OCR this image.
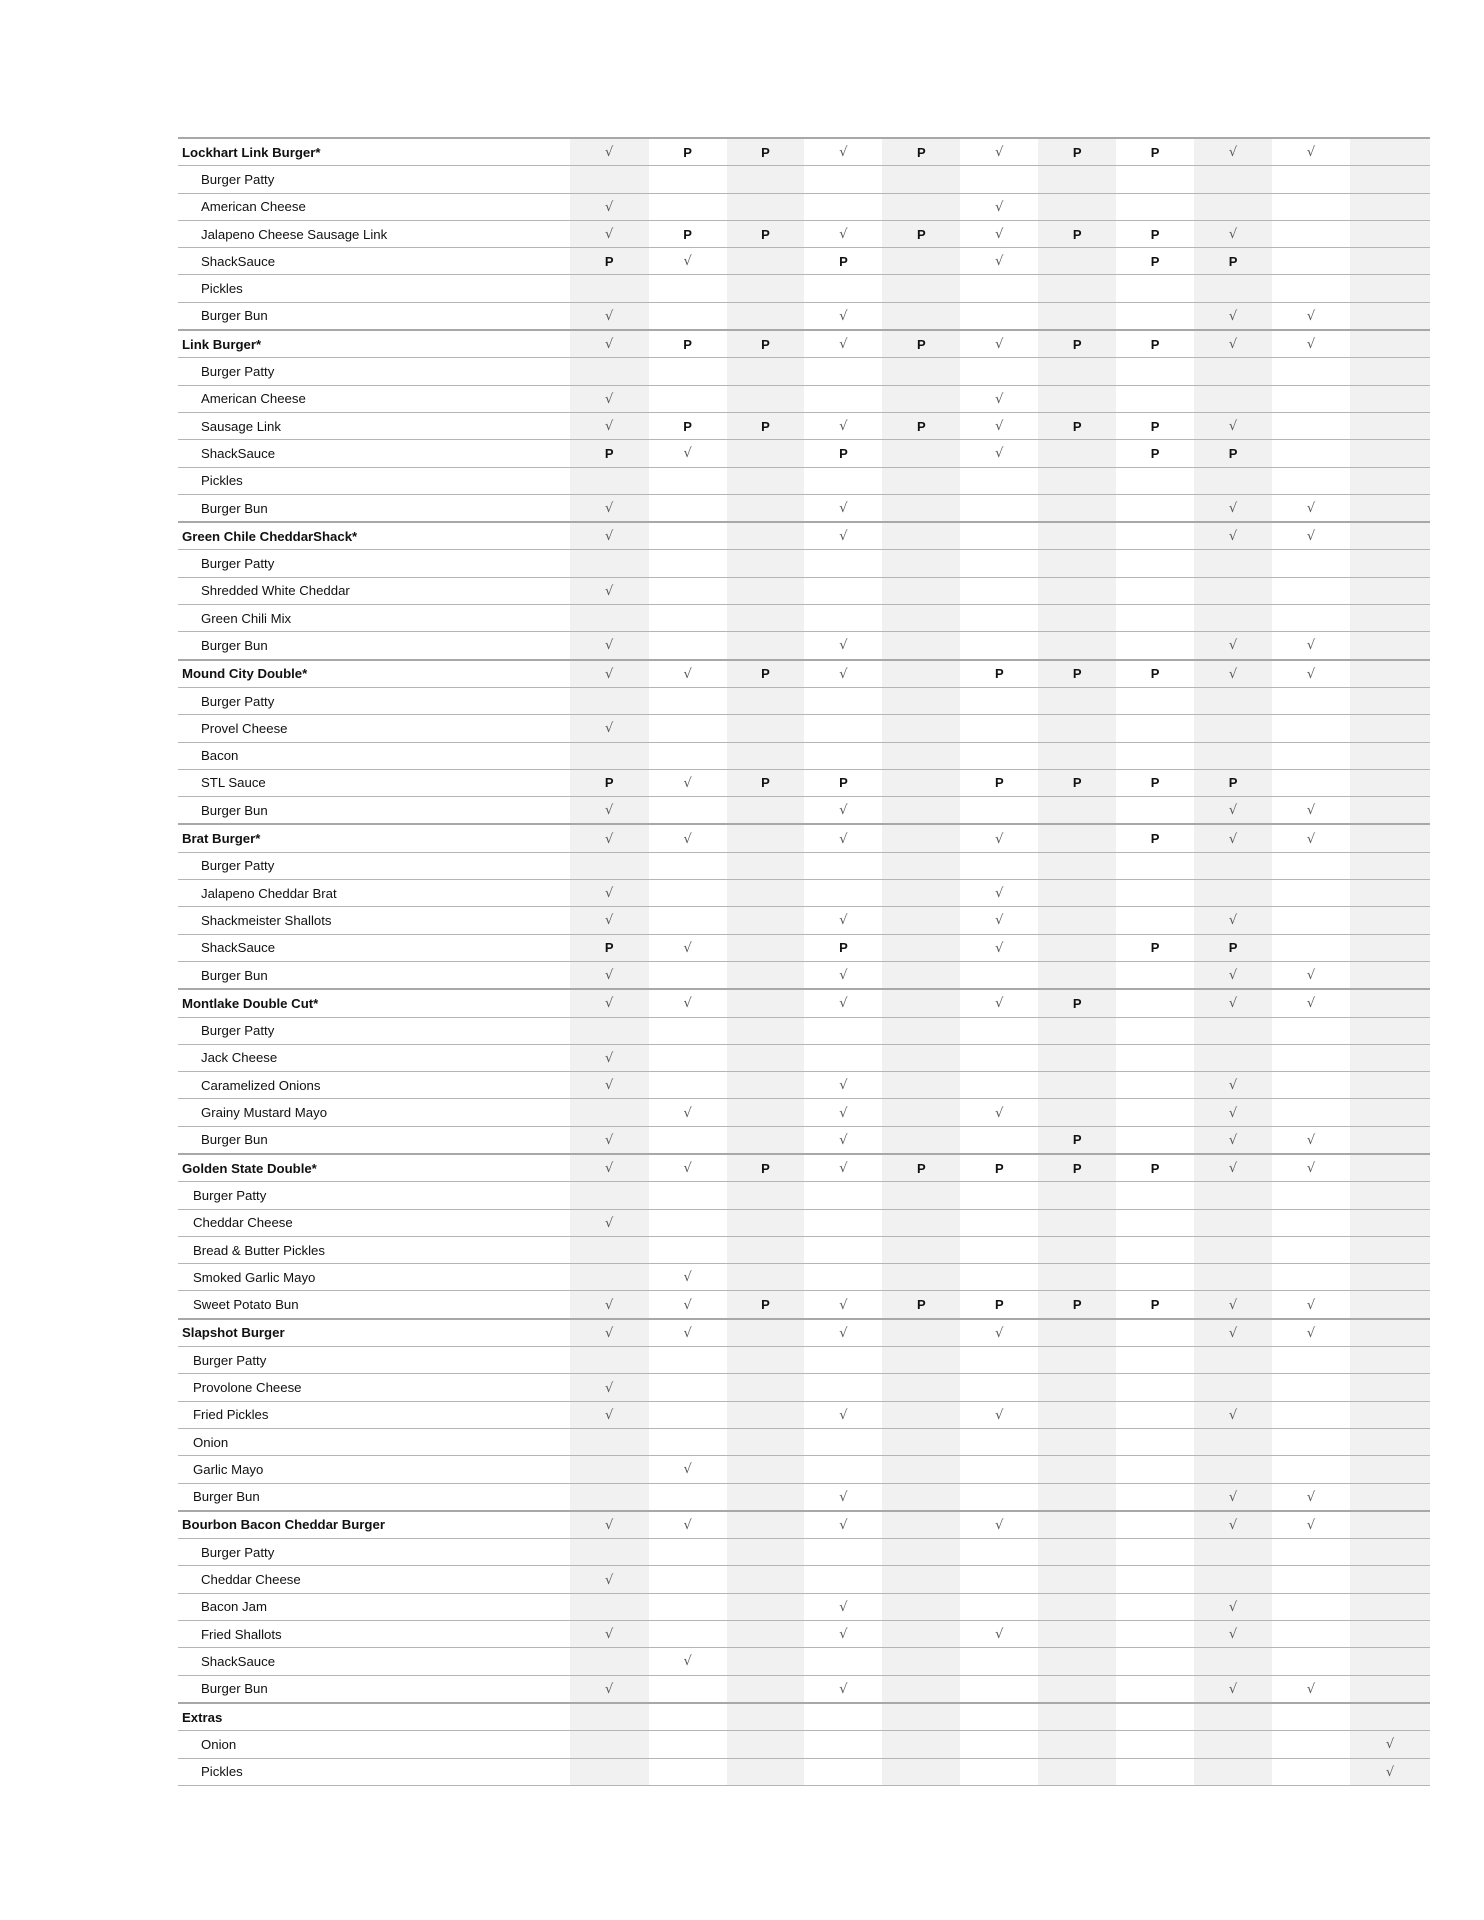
Lockhart Link Burger*	√	P	P	√	P	√	P	P	√	√	
Burger Patty											
American Cheese	√					√					
Jalapeno Cheese Sausage Link	√	P	P	√	P	√	P	P	√		
ShackSauce	P	√		P		√		P	P		
Pickles											
Burger Bun	√			√					√	√	
Link Burger*	√	P	P	√	P	√	P	P	√	√	
Burger Patty											
American Cheese	√					√					
Sausage Link	√	P	P	√	P	√	P	P	√		
ShackSauce	P	√		P		√		P	P		
Pickles											
Burger Bun	√			√					√	√	
Green Chile CheddarShack*	√			√					√	√	
Burger Patty											
Shredded White Cheddar	√										
Green Chili Mix											
Burger Bun	√			√					√	√	
Mound City Double*	√	√	P	√		P	P	P	√	√	
Burger Patty											
Provel Cheese	√										
Bacon											
STL Sauce	P	√	P	P		P	P	P	P		
Burger Bun	√			√					√	√	
Brat Burger*	√	√		√		√		P	√	√	
Burger Patty											
Jalapeno Cheddar Brat	√					√					
Shackmeister Shallots	√			√		√			√		
ShackSauce	P	√		P		√		P	P		
Burger Bun	√			√					√	√	
Montlake Double Cut*	√	√		√		√	P		√	√	
Burger Patty											
Jack Cheese	√										
Caramelized Onions	√			√					√		
Grainy Mustard Mayo		√		√		√			√		
Burger Bun	√			√			P		√	√	
Golden State Double*	√	√	P	√	P	P	P	P	√	√	
Burger Patty											
Cheddar Cheese	√										
Bread & Butter Pickles											
Smoked Garlic Mayo		√									
Sweet Potato Bun	√	√	P	√	P	P	P	P	√	√	
Slapshot Burger	√	√		√		√			√	√	
Burger Patty											
Provolone Cheese	√										
Fried Pickles	√			√		√			√		
Onion											
Garlic Mayo		√									
Burger Bun				√					√	√	
Bourbon Bacon Cheddar Burger	√	√		√		√			√	√	
Burger Patty											
Cheddar Cheese	√										
Bacon Jam				√					√		
Fried Shallots	√			√		√			√		
ShackSauce		√									
Burger Bun	√			√					√	√	
Extras											
Onion											√
Pickles											√
